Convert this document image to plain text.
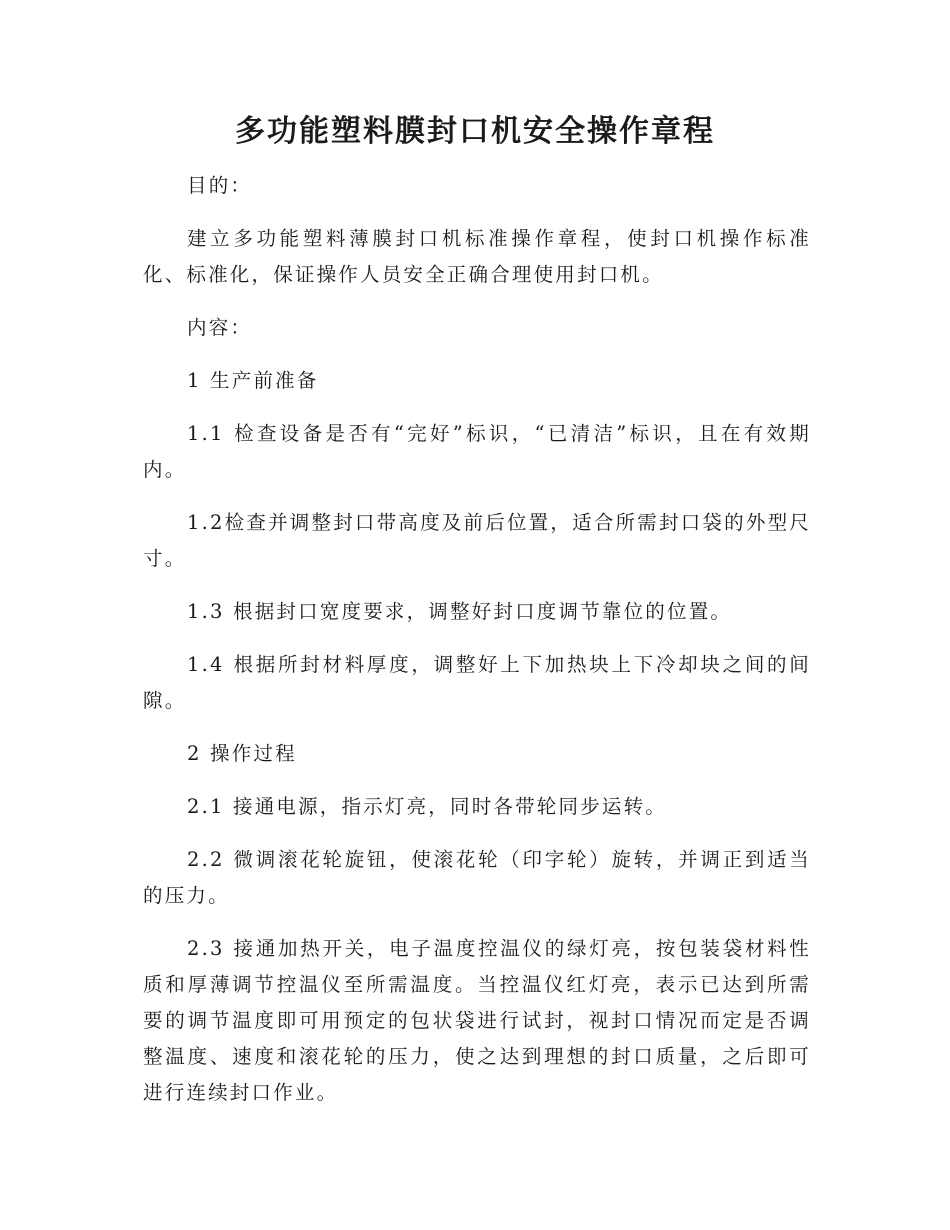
多功能塑料膜封口机安全操作章程

目的：

建立多功能塑料薄膜封口机标准操作章程，使封口机操作标准化、标准化，保证操作人员安全正确合理使用封口机。

内容：

1 生产前准备

1.1 检查设备是否有“完好”标识，“已清洁”标识，且在有效期内。

1.2检查并调整封口带高度及前后位置，适合所需封口袋的外型尺寸。

1.3 根据封口宽度要求，调整好封口度调节靠位的位置。

1.4 根据所封材料厚度，调整好上下加热块上下冷却块之间的间隙。

2 操作过程

2.1 接通电源，指示灯亮，同时各带轮同步运转。

2.2 微调滚花轮旋钮，使滚花轮（印字轮）旋转，并调正到适当的压力。

2.3 接通加热开关，电子温度控温仪的绿灯亮，按包装袋材料性质和厚薄调节控温仪至所需温度。当控温仪红灯亮，表示已达到所需要的调节温度即可用预定的包状袋进行试封，视封口情况而定是否调整温度、速度和滚花轮的压力，使之达到理想的封口质量，之后即可进行连续封口作业。
